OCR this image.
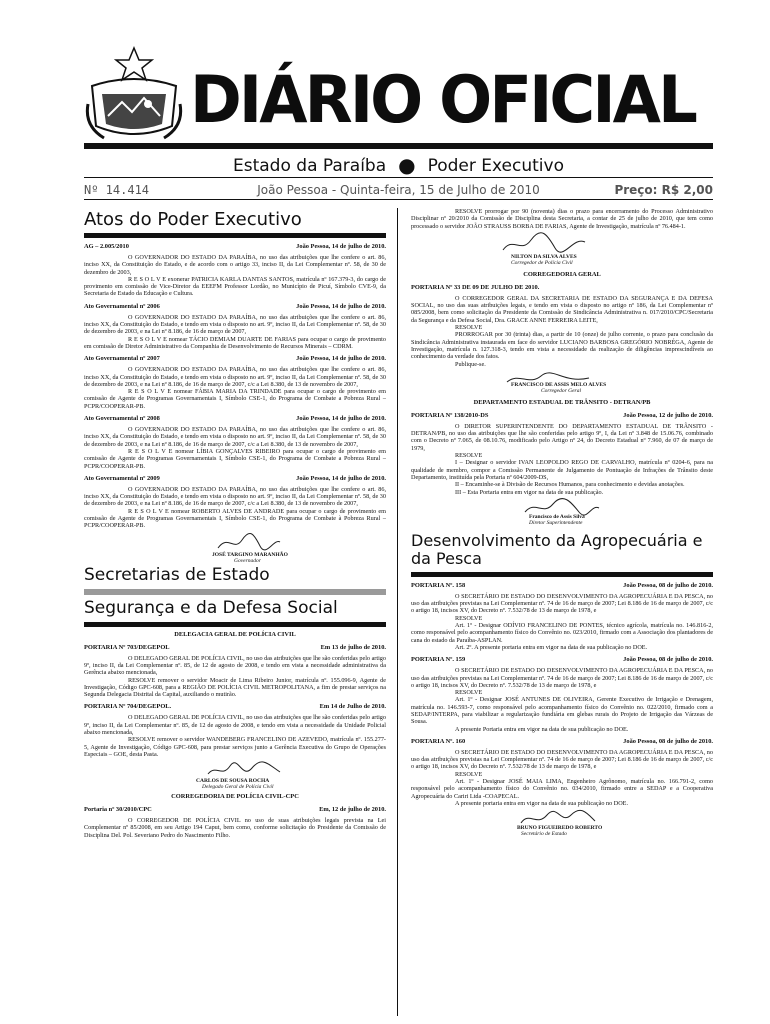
DIÁRIO OFICIAL
Estado da Paraíba ● Poder Executivo
João Pessoa - Quinta-feira, 15 de Julho de 2010
Nº 14.414	Preço: R$ 2,00
Atos do Poder Executivo
AG – 2.005/2010	João Pessoa, 14 de julho de 2010.

O GOVERNADOR DO ESTADO DA PARAÍBA, no uso das atribuições que lhe confere o art. 86, inciso XX, da Constituição do Estado, e de acordo com o artigo 33, inciso II, da Lei Complementar nº. 58, de 30 de dezembro de 2003,

R E S O L V E exonerar PATRICIA KARLA DANTAS SANTOS, matrícula nº 167.379-3, do cargo de provimento em comissão de Vice-Diretor da EEEFM Professor Lordão, no Município de Picuí, Símbolo CVE-9, da Secretaria de Estado da Educação e Cultura.

Ato Governamental nº 2006	João Pessoa, 14 de julho de 2010.

O GOVERNADOR DO ESTADO DA PARAÍBA, no uso das atribuições que lhe confere o art. 86, inciso XX, da Constituição do Estado, e tendo em vista o disposto no art. 9º, inciso II, da Lei Complementar nº. 58, de 30 de dezembro de 2003, e na Lei nº 8.186, de 16 de março de 2007,

R E S O L V E nomear TÁCIO DEMIAM DUARTE DE FARIAS para ocupar o cargo de provimento em comissão de Diretor Administrativo da Companhia de Desenvolvimento de Recursos Minerais – CDRM.

Ato Governamental nº 2007	João Pessoa, 14 de julho de 2010.

O GOVERNADOR DO ESTADO DA PARAÍBA, no uso das atribuições que lhe confere o art. 86, inciso XX, da Constituição do Estado, e tendo em vista o disposto no art. 9º, inciso II, da Lei Complementar nº. 58, de 30 de dezembro de 2003, e na Lei nº 8.186, de 16 de março de 2007, c/c a Lei 8.380, de 13 de novembro de 2007,

R E S O L V E nomear FÁBIA MARIA DA TRINDADE para ocupar o cargo de provimento em comissão de Agente de Programas Governamentais I, Símbolo CSE-1, do Programa de Combate a Pobreza Rural –PCPR/COOPERAR-PB.

Ato Governamental nº 2008	João Pessoa, 14 de julho de 2010.

O GOVERNADOR DO ESTADO DA PARAÍBA, no uso das atribuições que lhe confere o art. 86, inciso XX, da Constituição do Estado, e tendo em vista o disposto no art. 9º, inciso II, da Lei Complementar nº. 58, de 30 de dezembro de 2003, e na Lei nº 8.186, de 16 de março de 2007, c/c a Lei 8.380, de 13 de novembro de 2007,

R E S O L V E nomear LÍBIA GONÇALVES RIBEIRO para ocupar o cargo de provimento em comissão de Agente de Programas Governamentais I, Símbolo CSE-1, do Programa de Combate a Pobreza Rural –PCPR/COOPERAR-PB.

Ato Governamental nº 2009	João Pessoa, 14 de julho de 2010.

O GOVERNADOR DO ESTADO DA PARAÍBA, no uso das atribuições que lhe confere o art. 86, inciso XX, da Constituição do Estado, e tendo em vista o disposto no art. 9º, inciso II, da Lei Complementar nº. 58, de 30 de dezembro de 2003, e na Lei nº 8.186, de 16 de março de 2007, c/c a Lei 8.380, de 13 de novembro de 2007,

R E S O L V E nomear ROBERTO ALVES DE ANDRADE para ocupar o cargo de provimento em comissão de Agente de Programas Governamentais I, Símbolo CSE-1, do Programa de Combate à Pobreza Rural –PCPR/COOPERAR-PB.

JOSÉ TARGINO MARANHÃO
Governador
Secretarias de Estado
Segurança e da Defesa Social
DELEGACIA GERAL DE POLÍCIA CIVIL
PORTARIA Nº 703/DEGEPOL	Em 13 de julho de 2010.

O DELEGADO GERAL DE POLÍCIA CIVIL, no uso das atribuições que lhe são conferidas pelo artigo 9º, inciso II, da Lei Complementar nº. 85, de 12 de agosto de 2008, e tendo em vista a necessidade administrativa da Gerência abaixo mencionada,

RESOLVE remover o servidor Moacir de Lima Ribeiro Junior, matrícula nº. 155.096-9, Agente de Investigação, Código GPC-608, para a REGIÃO DE POLÍCIA CIVIL METROPOLITANA, a fim de prestar serviços na Segunda Delegacia Distrital da Capital, auxiliando o mutirão.

PORTARIA Nº 704/DEGEPOL.	Em 14 de Julho de 2010.

O DELEGADO GERAL DE POLÍCIA CIVIL, no uso das atribuições que lhe são conferidas pelo artigo 9º, inciso II, da Lei Complementar nº. 85, de 12 de agosto de 2008, e tendo em vista a necessidade da Unidade Policial abaixo mencionada,

RESOLVE remover o servidor WANDEBERG FRANCELINO DE AZEVEDO, matrícula nº. 155.277-5, Agente de Investigação, Código GPC-608, para prestar serviços junto a Gerência Executiva do Grupo de Operações Especiais – GOE, desta Pasta.

CARLOS DE SOUSA ROCHA
Delegado Geral de Polícia Civil
CORREGEDORIA DE POLÍCIA CIVIL-CPC
Portaria nº 30/2010/CPC	Em, 12 de julho de 2010.

O CORREGEDOR DE POLÍCIA CIVIL no uso de suas atribuições legais prevista na Lei Complementar nº 85/2008, em seu Artigo 194 Caput, bem como, conforme solicitação do Presidente da Comissão de Disciplina Del. Pol. Severiano Pedro do Nascimento Filho.

RESOLVE prorrogar por 90 (noventa) dias o prazo para encerramento do Processo Administrativo Disciplinar nº 20/2010 da Comissão de Disciplina desta Secretaria, a contar de 25 de julho de 2010, que tem como processado o servidor JOÃO STRAUSS BORBA DE FARIAS, Agente de Investigação, matrícula nº 76.484-1.

NILTON DA SILVA ALVES
Corregedor de Polícia Civil
CORREGEDORIA GERAL
PORTARIA Nº 33 DE 09 DE JULHO DE 2010.

O CORREGEDOR GERAL DA SECRETARIA DE ESTADO DA SEGURANÇA E DA DEFESA SOCIAL, no uso das suas atribuições legais, e tendo em vista o disposto no artigo nº 186, da Lei Complementar nº 085/2008, bem como solicitação da Presidente da Comissão de Sindicância Administrativa n. 017/2010/CPC/Secretaria da Segurança e da Defesa Social, Dra. GRACE ANNE FERREIRA LEITE,

RESOLVE

PRORROGAR por 30 (trinta) dias, a partir de 10 (onze) de julho corrente, o prazo para conclusão da Sindicância Administrativa instaurada em face do servidor LUCIANO BARBOSA GREGÓRIO NOBRÉGA, Agente de Investigação, matrícula n. 127.318-3, tendo em vista a necessidade da realização de diligências imprescindíveis ao conhecimento da verdade dos fatos.

Publique-se.

FRANCISCO DE ASSIS MELO ALVES
Corregedor Geral
DEPARTAMENTO ESTADUAL DE TRÂNSITO - DETRAN/PB
PORTARIA Nº 138/2010-DS	João Pessoa, 12 de julho de 2010.

O DIRETOR SUPERINTENDENTE DO DEPARTAMENTO ESTADUAL DE TRÂNSITO - DETRAN/PB, no uso das atribuições que lhe são conferidas pelo artigo 9º, I, da Lei nº 3.848 de 15.06.76, combinado com o Decreto nº 7.065, de 08.10.76, modificado pelo Artigo nº 24, do Decreto Estadual nº 7.960, de 07 de março de 1979,

RESOLVE

I – Designar o servidor IVAN LEOPOLDO REGO DE CARVALHO, matrícula nº 0204-6, para na qualidade de membro, compor a Comissão Permanente de Julgamento de Pontuação de Infrações de Trânsito deste Departamento, instituída pela Portaria nº 604/2009-DS,

II – Encaminhe-se à Divisão de Recursos Humanos, para conhecimento e devidas anotações.

III – Esta Portaria entra em vigor na data de sua publicação.

Francisco de Assis Silva
Diretor Superintendente
Desenvolvimento da Agropecuária e da Pesca
PORTARIA Nº. 158	João Pessoa, 08 de julho de 2010.

O SECRETÁRIO DE ESTADO DO DESENVOLVIMENTO DA AGROPECUÁRIA E DA PESCA, no uso das atribuições previstas na Lei Complementar nº. 74 de 16 de março de 2007; Lei 8.186 de 16 de março de 2007, c/c o artigo 18, incisos XV, do Decreto nº. 7.532/78 de 13 de março de 1978, e

RESOLVE

Art. 1º - Designar ODÍVIO FRANCELINO DE PONTES, técnico agrícola, matrícula no. 146.816-2, como responsável pelo acompanhamento físico do Convênio no. 023/2010, firmado com a Associação dos plantadores de cana do estado da Paraíba-ASPLAN.

Art. 2º. A presente portaria entra em vigor na data de sua publicação no DOE.

PORTARIA Nº. 159	João Pessoa, 08 de julho de 2010.

O SECRETÁRIO DE ESTADO DO DESENVOLVIMENTO DA AGROPECUÁRIA E DA PESCA, no uso das atribuições previstas na Lei Complementar nº. 74 de 16 de março de 2007; Lei 8.186 de 16 de março de 2007, c/c o artigo 18, incisos XV, do Decreto nº. 7.532/78 de 13 de março de 1978, e

RESOLVE

Art. 1º - Designar JOSÉ ANTUNES DE OLIVEIRA, Gerente Executivo de Irrigação e Drenagem, matrícula no. 146.593-7, como responsável pelo acompanhamento físico do Convênio no. 022/2010, firmado com a SEDAP/INTERPA, para viabilizar a regularização fundiária em glebas rurais do Projeto de Irrigação das Várzeas de Sousa.

A presente Portaria entra em vigor na data de sua publicação no DOE.

PORTARIA Nº. 160	João Pessoa, 08 de julho de 2010.

O SECRETÁRIO DE ESTADO DO DESENVOLVIMENTO DA AGROPECUÁRIA E DA PESCA, no uso das atribuições previstas na Lei Complementar nº. 74 de 16 de março de 2007; Lei 8.186 de 16 de março de 2007, c/c o artigo 18, incisos XV, do Decreto nº. 7.532/78 de 13 de março de 1978, e

RESOLVE

Art. 1º - Designar JOSÉ MAIA LIMA, Engenheiro Agrônomo, matrícula no. 166.791-2, como responsável pelo acompanhamento físico do Convênio no. 034/2010, firmado entre a SEDAP e a Cooperativa Agropecuária do Cariri Ltda -COAPECAL.

A presente portaria entra em vigor na data de sua publicação no DOE.

BRUNO FIGUEIREDO ROBERTO
Secretário de Estado
